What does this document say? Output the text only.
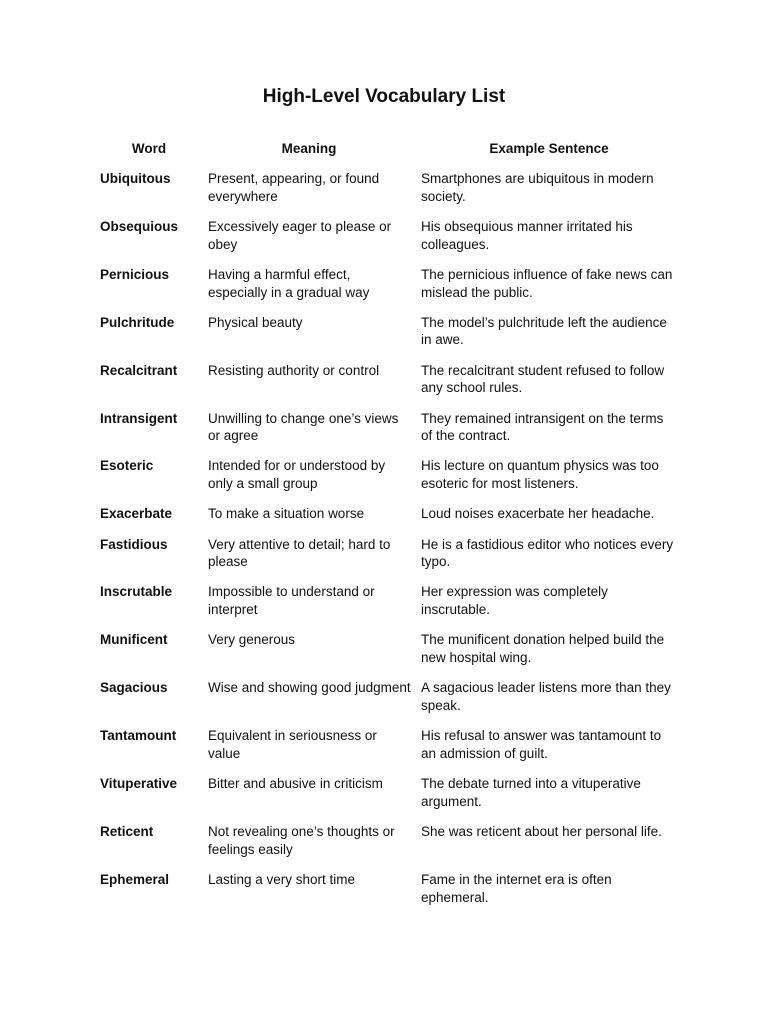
High-Level Vocabulary List
Word	Meaning	Example Sentence
Ubiquitous	Present, appearing, or found everywhere	Smartphones are ubiquitous in modern society.
Obsequious	Excessively eager to please or obey	His obsequious manner irritated his colleagues.
Pernicious	Having a harmful effect, especially in a gradual way	The pernicious influence of fake news can mislead the public.
Pulchritude	Physical beauty	The model’s pulchritude left the audience in awe.
Recalcitrant	Resisting authority or control	The recalcitrant student refused to follow any school rules.
Intransigent	Unwilling to change one’s views or agree	They remained intransigent on the terms of the contract.
Esoteric	Intended for or understood by only a small group	His lecture on quantum physics was too esoteric for most listeners.
Exacerbate	To make a situation worse	Loud noises exacerbate her headache.
Fastidious	Very attentive to detail; hard to please	He is a fastidious editor who notices every typo.
Inscrutable	Impossible to understand or interpret	Her expression was completely inscrutable.
Munificent	Very generous	The munificent donation helped build the new hospital wing.
Sagacious	Wise and showing good judgment	A sagacious leader listens more than they speak.
Tantamount	Equivalent in seriousness or value	His refusal to answer was tantamount to an admission of guilt.
Vituperative	Bitter and abusive in criticism	The debate turned into a vituperative argument.
Reticent	Not revealing one’s thoughts or feelings easily	She was reticent about her personal life.
Ephemeral	Lasting a very short time	Fame in the internet era is often ephemeral.
